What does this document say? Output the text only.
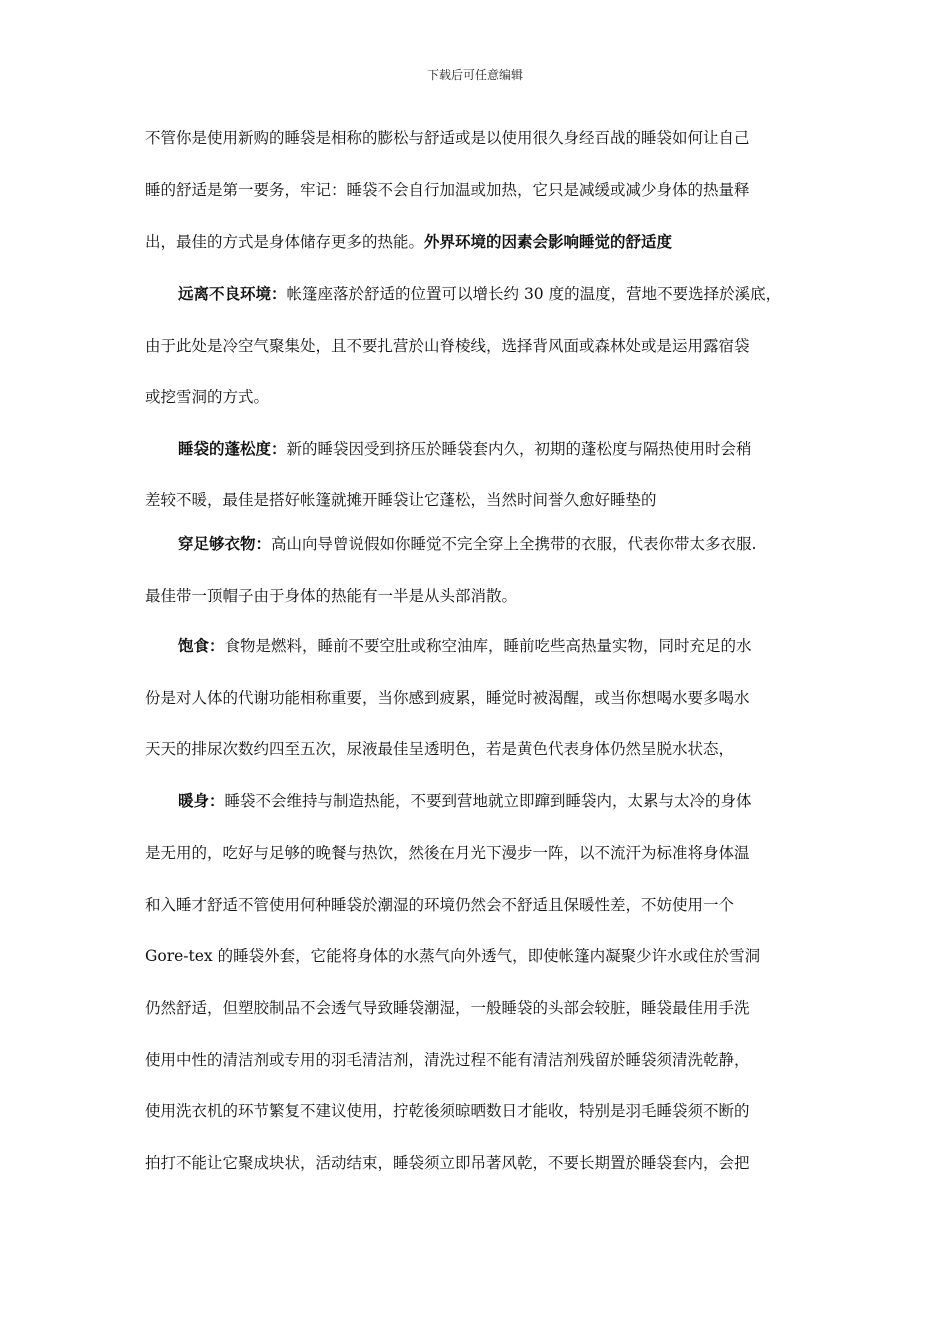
下载后可任意编辑
不管你是使用新购的睡袋是相称的膨松与舒适或是以使用很久身经百战的睡袋如何让自己
睡的舒适是第一要务，牢记：睡袋不会自行加温或加热，它只是减缓或减少身体的热量释
出，最佳的方式是身体储存更多的热能。外界环境的因素会影响睡觉的舒适度
远离不良环境：帐篷座落於舒适的位置可以增长约 30 度的温度，营地不要选择於溪底，
由于此处是冷空气聚集处，且不要扎营於山脊棱线，选择背风面或森林处或是运用露宿袋
或挖雪洞的方式。
睡袋的蓬松度：新的睡袋因受到挤压於睡袋套内久，初期的蓬松度与隔热使用时会稍
差较不暖，最佳是搭好帐篷就摊开睡袋让它蓬松，当然时间誉久愈好睡垫的
穿足够衣物：高山向导曾说假如你睡觉不完全穿上全携带的衣服，代表你带太多衣服.
最佳带一顶帽子由于身体的热能有一半是从头部消散。
饱食：食物是燃料，睡前不要空肚或称空油库，睡前吃些高热量实物，同时充足的水
份是对人体的代谢功能相称重要，当你感到疲累，睡觉时被渴醒，或当你想喝水要多喝水
天天的排尿次数约四至五次，尿液最佳呈透明色，若是黄色代表身体仍然呈脱水状态，
暖身：睡袋不会维持与制造热能，不要到营地就立即蹿到睡袋内，太累与太冷的身体
是无用的，吃好与足够的晚餐与热饮，然後在月光下漫步一阵，以不流汗为标准将身体温
和入睡才舒适不管使用何种睡袋於潮湿的环境仍然会不舒适且保暖性差，不妨使用一个
Gore-tex 的睡袋外套，它能将身体的水蒸气向外透气，即使帐篷内凝聚少许水或住於雪洞
仍然舒适，但塑胶制品不会透气导致睡袋潮湿，一般睡袋的头部会较脏，睡袋最佳用手洗
使用中性的清洁剂或专用的羽毛清洁剂，清洗过程不能有清洁剂残留於睡袋须清洗乾静，
使用洗衣机的环节繁复不建议使用，拧乾後须晾晒数日才能收，特别是羽毛睡袋须不断的
拍打不能让它聚成块状，活动结束，睡袋须立即吊著风乾，不要长期置於睡袋套内，会把
